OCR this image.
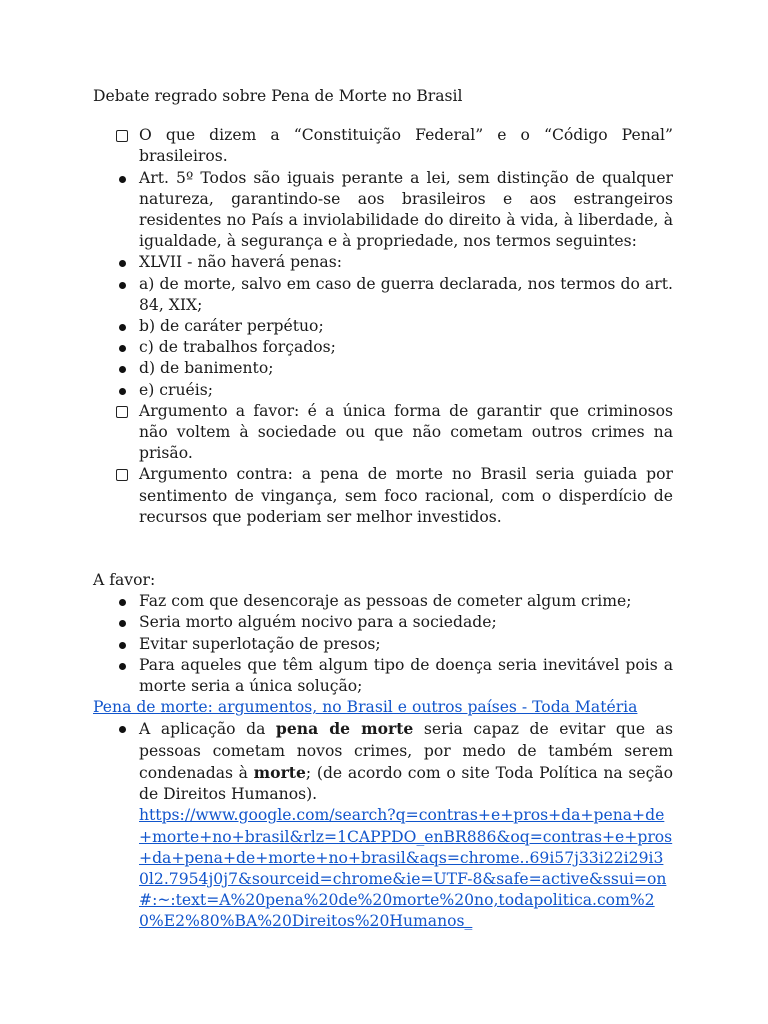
Debate regrado sobre Pena de Morte no Brasil

O que dizem a “Constituição Federal” e o “Código Penal” brasileiros.
Art. 5º Todos são iguais perante a lei, sem distinção de qualquer natureza, garantindo-se aos brasileiros e aos estrangeiros residentes no País a inviolabilidade do direito à vida, à liberdade, à igualdade, à segurança e à propriedade, nos termos seguintes:
XLVII - não haverá penas:
a) de morte, salvo em caso de guerra declarada, nos termos do art. 84, XIX;
b) de caráter perpétuo;
c) de trabalhos forçados;
d) de banimento;
e) cruéis;
Argumento a favor: é a única forma de garantir que criminosos não voltem à sociedade ou que não cometam outros crimes na prisão.
Argumento contra: a pena de morte no Brasil seria guiada por sentimento de vingança, sem foco racional, com o disperdício de recursos que poderiam ser melhor investidos.

A favor:

Faz com que desencoraje as pessoas de cometer algum crime;
Seria morto alguém nocivo para a sociedade;
Evitar superlotação de presos;
Para aqueles que têm algum tipo de doença seria inevitável pois a morte seria a única solução;

Pena de morte: argumentos, no Brasil e outros países - Toda Matéria

A aplicação da pena de morte seria capaz de evitar que as pessoas cometam novos crimes, por medo de também serem condenadas à morte; (de acordo com o site Toda Política na seção de Direitos Humanos).
https://www.google.com/search?q=contras+e+pros+da+pena+de+morte+no+brasil&rlz=1CAPPDO_enBR886&oq=contras+e+pros+da+pena+de+morte+no+brasil&aqs=chrome..69i57j33i22i29i30l2.7954j0j7&sourceid=chrome&ie=UTF-8&safe=active&ssui=on#:~:text=A%20pena%20de%20morte%20no,todapolitica.com%20%E2%80%BA%20Direitos%20Humanos_
